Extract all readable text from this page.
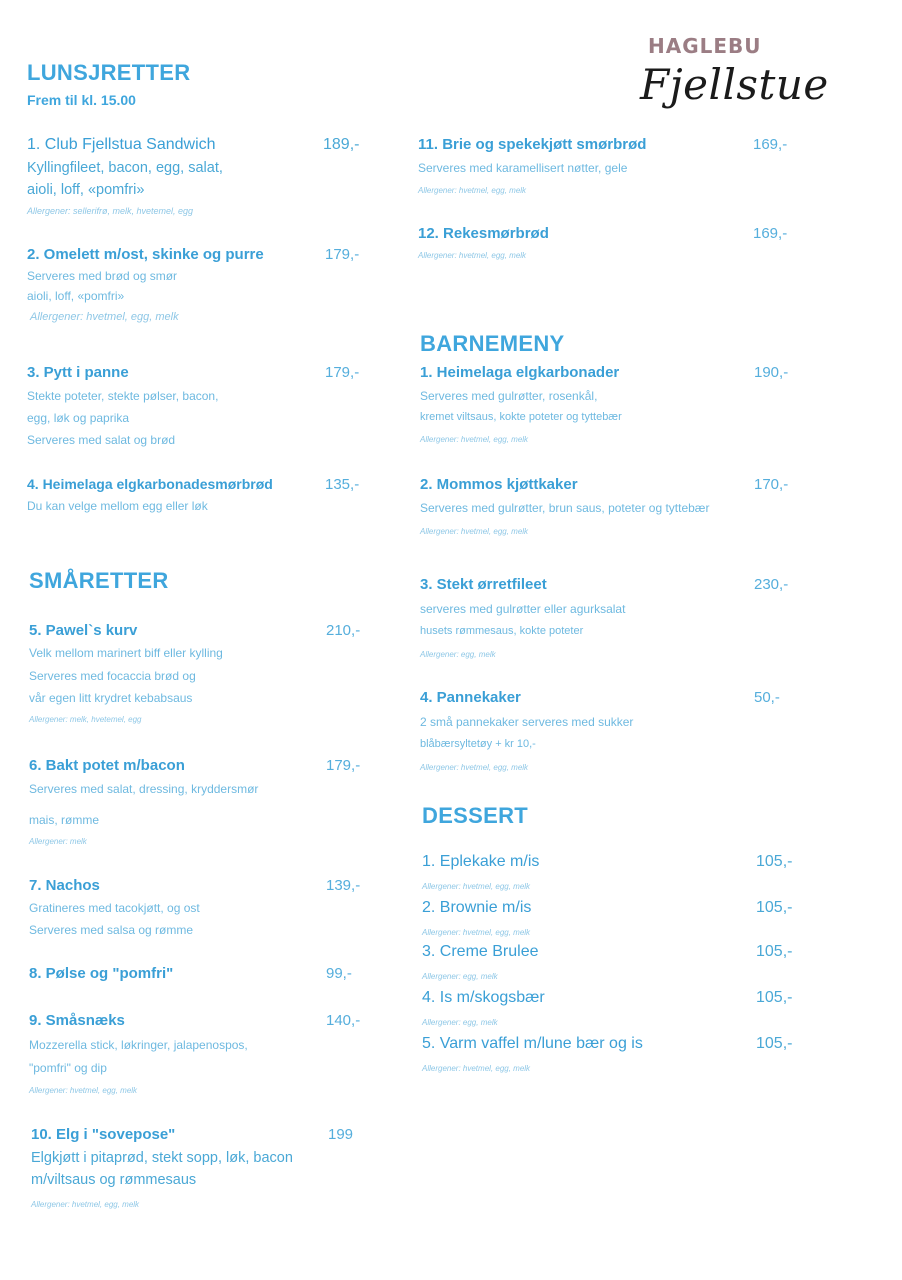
HAGLEBU
Fjellstue
LUNSJRETTER
Frem til kl. 15.00
1. Club Fjellstua Sandwich	189,-
Kyllingfileet, bacon, egg, salat,
aioli, loff, «pomfri»
Allergener: sellerifrø, melk, hvetemel, egg
2. Omelett m/ost, skinke og purre	179,-
Serveres med brød og smør
aioli, loff, «pomfri»
Allergener: hvetmel, egg, melk
3. Pytt i panne	179,-
Stekte poteter, stekte pølser, bacon,
egg, løk og paprika
Serveres med salat og brød
4. Heimelaga elgkarbonadesmørbrød	135,-
Du kan velge mellom egg eller løk
SMÅRETTER
5. Pawel`s kurv	210,-
Velk mellom marinert biff eller kylling
Serveres med focaccia brød og
vår egen litt krydret kebabsaus
Allergener: melk, hvetemel, egg
6. Bakt potet m/bacon	179,-
Serveres med salat, dressing, kryddersmør
mais, rømme
Allergener: melk
7. Nachos	139,-
Gratineres med tacokjøtt, og ost
Serveres med salsa og rømme
8. Pølse og "pomfri"	99,-
9. Småsnæks	140,-
Mozzerella stick, løkringer, jalapenospos,
"pomfri" og dip
Allergener: hvetmel, egg, melk
10. Elg i "sovepose"	199
Elgkjøtt i pitaprød, stekt sopp, løk, bacon
m/viltsaus og rømmesaus
Allergener: hvetmel, egg, melk
11. Brie og spekekjøtt smørbrød	169,-
Serveres med karamellisert nøtter, gele
Allergener: hvetmel, egg, melk
12. Rekesmørbrød	169,-
Allergener: hvetmel, egg, melk
BARNEMENY
1. Heimelaga elgkarbonader	190,-
Serveres med gulrøtter, rosenkål,
kremet viltsaus, kokte poteter og tyttebær
Allergener: hvetmel, egg, melk
2. Mommos kjøttkaker	170,-
Serveres med gulrøtter, brun saus, poteter og tyttebær
Allergener: hvetmel, egg, melk
3. Stekt ørretfileet	230,-
serveres med gulrøtter eller agurksalat
husets rømmesaus, kokte poteter
Allergener: egg, melk
4. Pannekaker	50,-
2 små pannekaker serveres med sukker
blåbærsyltetøy + kr 10,-
Allergener: hvetmel, egg, melk
DESSERT
1. Eplekake m/is	105,-
Allergener: hvetmel, egg, melk
2. Brownie m/is	105,-
Allergener: hvetmel, egg, melk
3. Creme Brulee	105,-
Allergener: egg, melk
4. Is m/skogsbær	105,-
Allergener: egg, melk
5. Varm vaffel m/lune bær og is	105,-
Allergener: hvetmel, egg, melk
